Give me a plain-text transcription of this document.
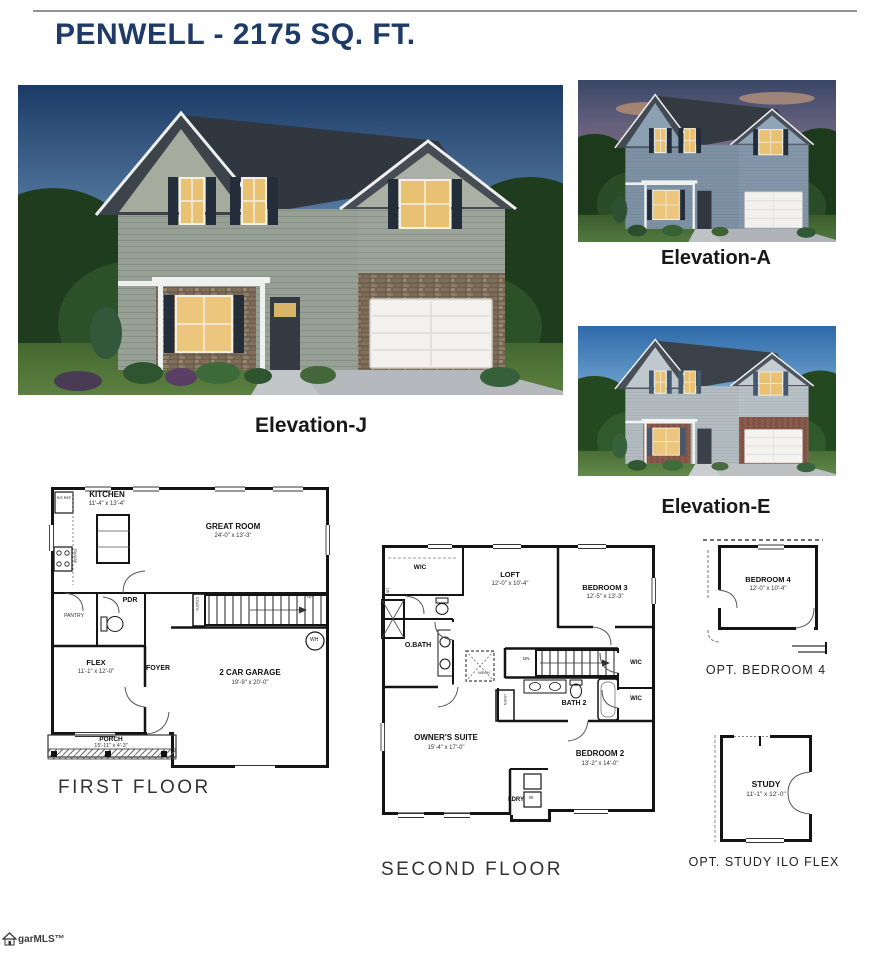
PENWELL - 2175 SQ. FT.
Elevation-J
Elevation-A
Elevation-E
KITCHEN
11'-4" x 13'-4"
GREAT ROOM
24'-0" x 13'-3"
PANTRY
PDR
FLEX
11'-1" x 12'-0"	FOYER	2 CAR GARAGE
19'-9" x 20'-0"
PORCH
15'-11" x 4'-3"
COATS
S/S REF
RANGE
UP
WH
FIRST FLOOR
WIC
LOFT
12'-0" x 10'-4"	BEDROOM 3
12'-5" x 13'-3"
O.BATH
MECH
DN
LIN
WIC
WIC
BATH 2
LINEN
OWNER'S SUITE
15'-4" x 17'-0"
BEDROOM 2
13'-2" x 14'-0"
LDRY W
SECOND FLOOR
BEDROOM 4
12'-0" x 10'-4"
OPT. BEDROOM 4
STUDY
11'-1" x 12'-0"
OPT. STUDY ILO FLEX
garMLS™
